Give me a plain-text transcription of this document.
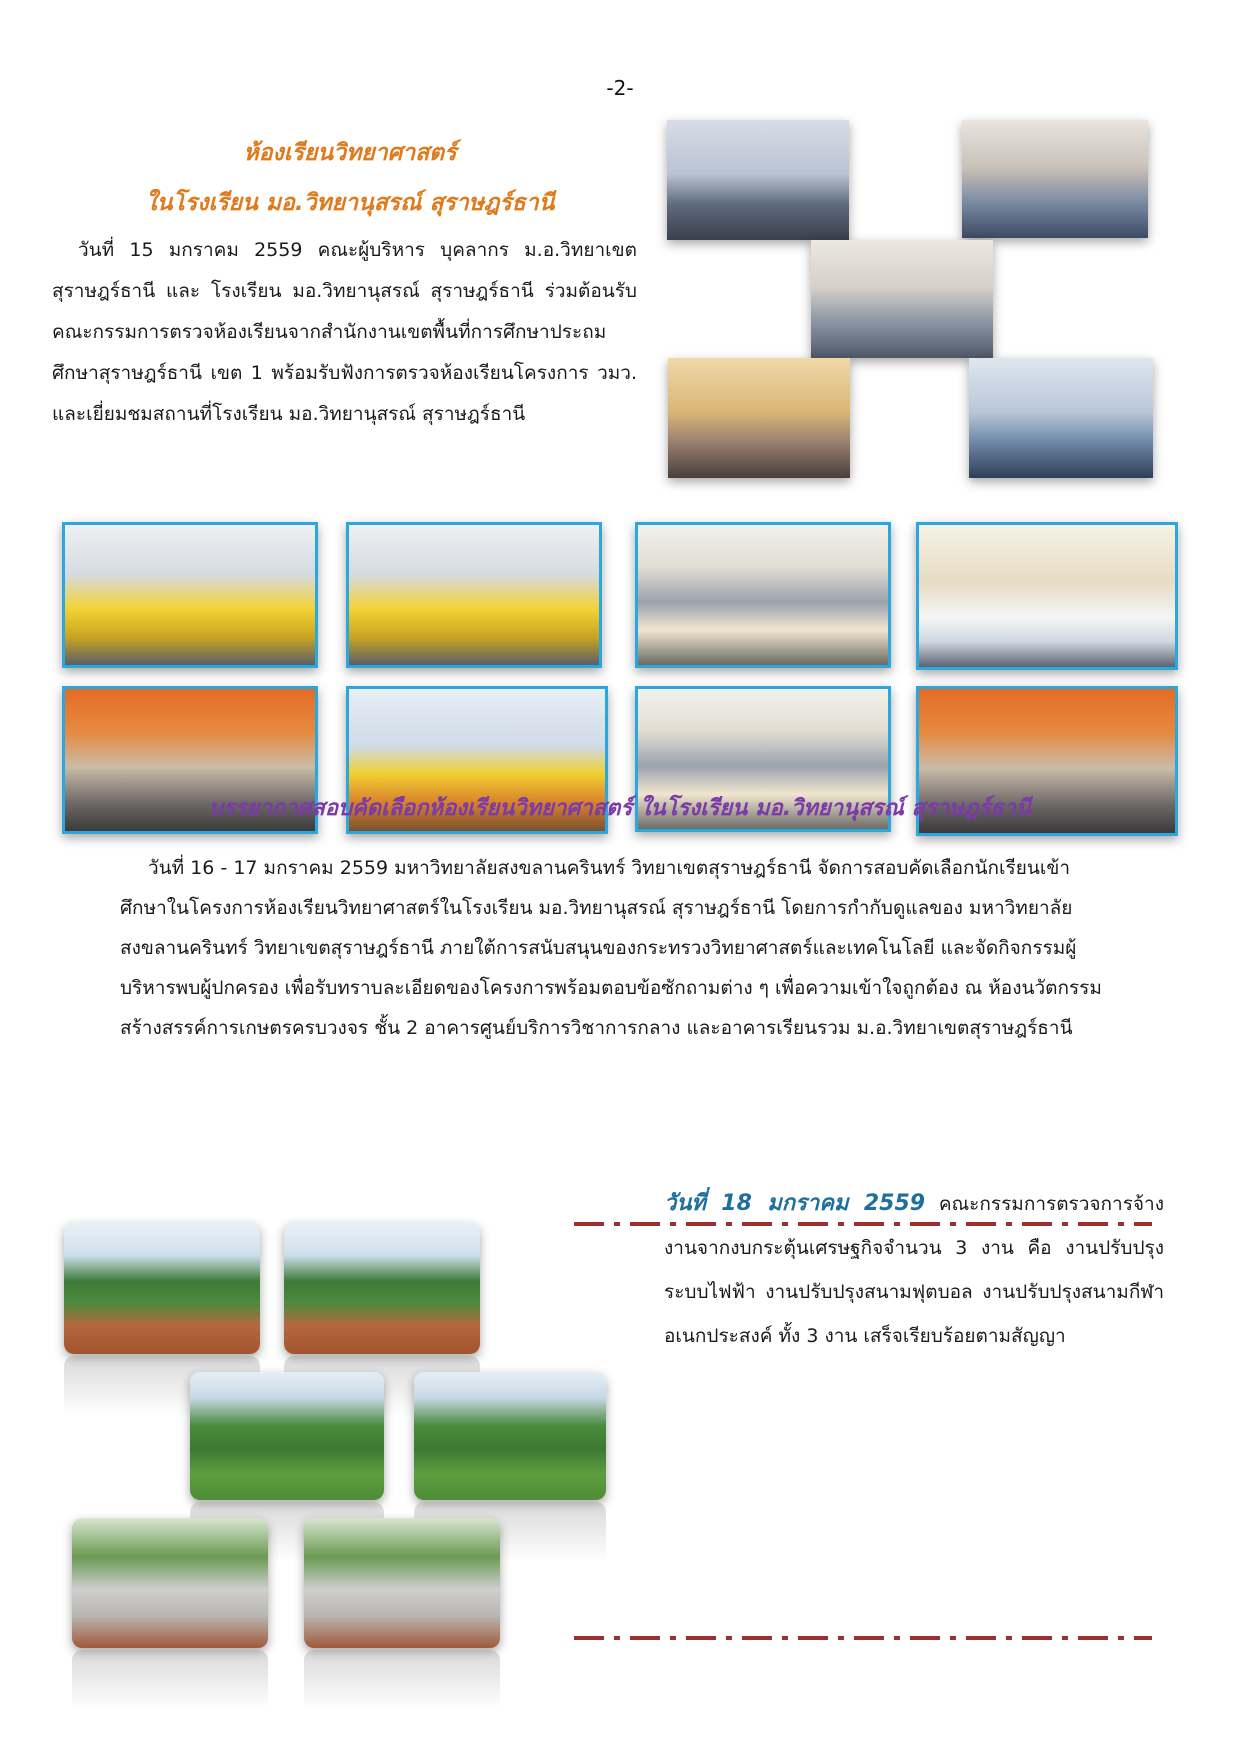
-2-
ห้องเรียนวิทยาศาสตร์
ในโรงเรียน มอ.วิทยานุสรณ์ สุราษฎร์ธานี
วันที่ 15 มกราคม 2559 คณะผู้บริหาร บุคลากร ม.อ.วิทยาเขตสุราษฎร์ธานี และ โรงเรียน มอ.วิทยานุสรณ์ สุราษฎร์ธานี ร่วมต้อนรับคณะกรรมการตรวจห้องเรียนจากสำนักงานเขตพื้นที่การศึกษาประถมศึกษาสุราษฎร์ธานี เขต 1 พร้อมรับฟังการตรวจห้องเรียนโครงการ วมว. และเยี่ยมชมสถานที่โรงเรียน มอ.วิทยานุสรณ์ สุราษฎร์ธานี
บรรยากาศสอบคัดเลือกห้องเรียนวิทยาศาสตร์ ในโรงเรียน มอ.วิทยานุสรณ์ สุราษฎร์ธานี
วันที่ 16 - 17 มกราคม 2559 มหาวิทยาลัยสงขลานครินทร์ วิทยาเขตสุราษฎร์ธานี จัดการสอบคัดเลือกนักเรียนเข้าศึกษาในโครงการห้องเรียนวิทยาศาสตร์ในโรงเรียน มอ.วิทยานุสรณ์ สุราษฎร์ธานี โดยการกำกับดูแลของ มหาวิทยาลัยสงขลานครินทร์ วิทยาเขตสุราษฎร์ธานี ภายใต้การสนับสนุนของกระทรวงวิทยาศาสตร์และเทคโนโลยี และจัดกิจกรรมผู้บริหารพบผู้ปกครอง เพื่อรับทราบละเอียดของโครงการพร้อมตอบข้อซักถามต่าง ๆ เพื่อความเข้าใจถูกต้อง ณ ห้องนวัตกรรมสร้างสรรค์การเกษตรครบวงจร ชั้น 2 อาคารศูนย์บริการวิชาการกลาง และอาคารเรียนรวม ม.อ.วิทยาเขตสุราษฎร์ธานี
วันที่ 18 มกราคม 2559 คณะกรรมการตรวจการจ้างงานจากงบกระตุ้นเศรษฐกิจจำนวน 3 งาน คือ งานปรับปรุงระบบไฟฟ้า งานปรับปรุงสนามฟุตบอล งานปรับปรุงสนามกีฬาอเนกประสงค์ ทั้ง 3 งาน เสร็จเรียบร้อยตามสัญญา
